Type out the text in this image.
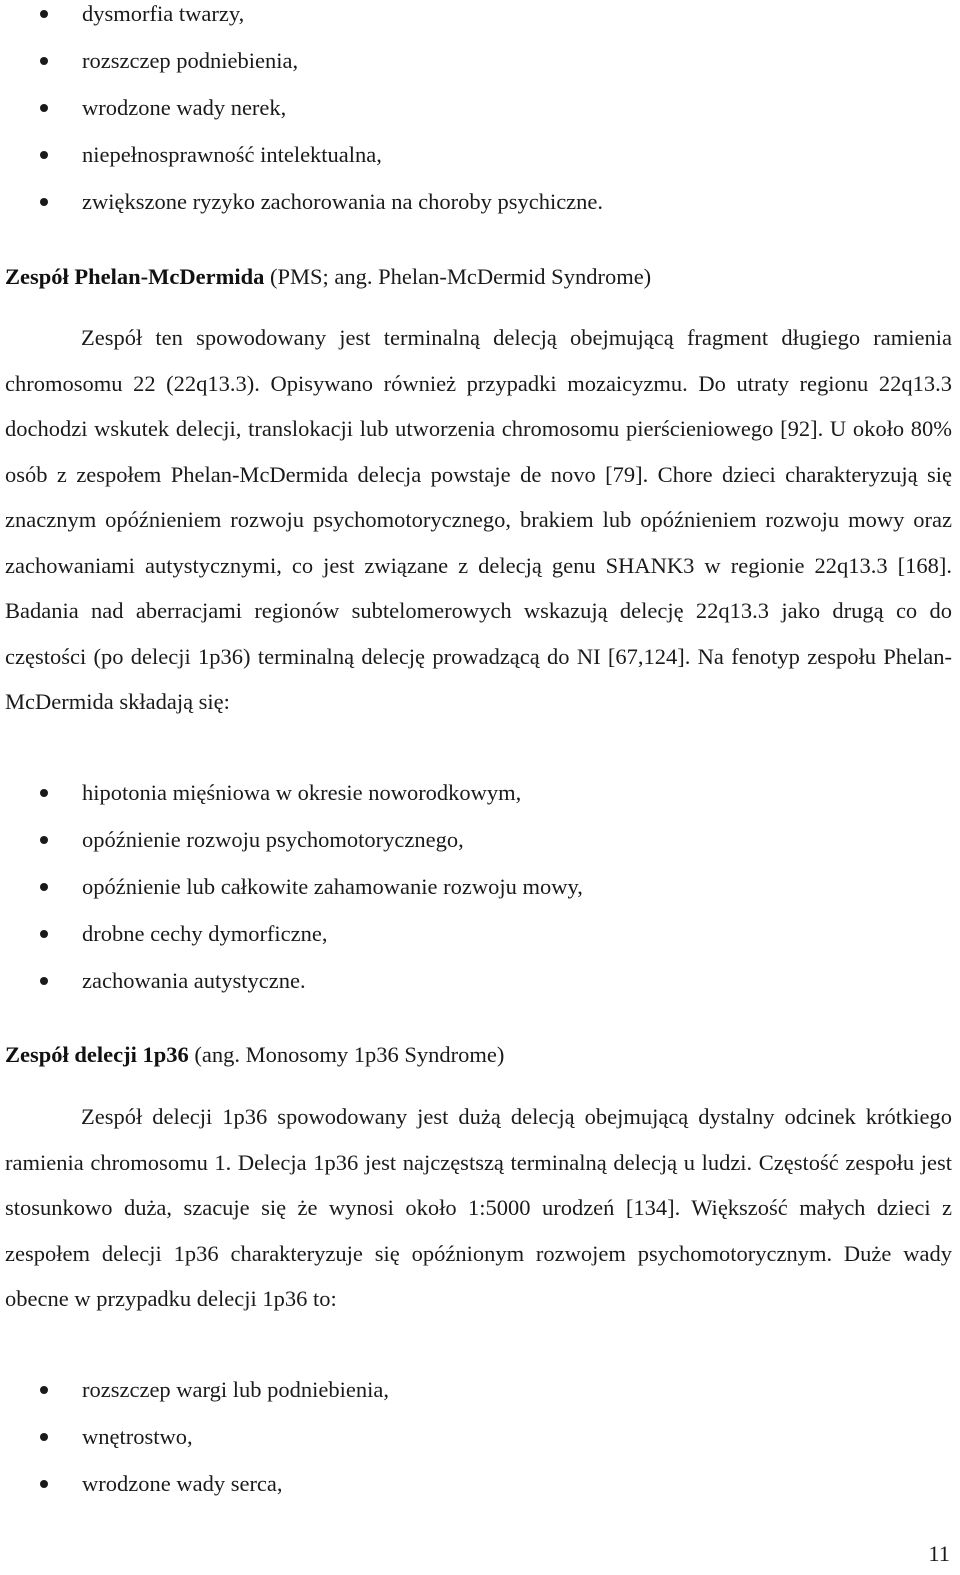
dysmorfia twarzy,
rozszczep podniebienia,
wrodzone wady nerek,
niepełnosprawność intelektualna,
zwiększone ryzyko zachorowania na choroby psychiczne.
Zespół Phelan-McDermida (PMS; ang. Phelan-McDermid Syndrome)

Zespół ten spowodowany jest terminalną delecją obejmującą fragment długiego ramienia chromosomu 22 (22q13.3). Opisywano również przypadki mozaicyzmu. Do utraty regionu 22q13.3 dochodzi wskutek delecji, translokacji lub utworzenia chromosomu pierścieniowego [92]. U około 80% osób z zespołem Phelan-McDermida delecja powstaje de novo [79]. Chore dzieci charakteryzują się znacznym opóźnieniem rozwoju psychomotorycznego, brakiem lub opóźnieniem rozwoju mowy oraz zachowaniami autystycznymi, co jest związane z delecją genu SHANK3 w regionie 22q13.3 [168]. Badania nad aberracjami regionów subtelomerowych wskazują delecję 22q13.3 jako drugą co do częstości (po delecji 1p36) terminalną delecję prowadzącą do NI [67,124]. Na fenotyp zespołu Phelan-McDermida składają się:

hipotonia mięśniowa w okresie noworodkowym,
opóźnienie rozwoju psychomotorycznego,
opóźnienie lub całkowite zahamowanie rozwoju mowy,
drobne cechy dymorficzne,
zachowania autystyczne.
Zespół delecji 1p36 (ang. Monosomy 1p36 Syndrome)

Zespół delecji 1p36 spowodowany jest dużą delecją obejmującą dystalny odcinek krótkiego ramienia chromosomu 1. Delecja 1p36 jest najczęstszą terminalną delecją u ludzi. Częstość zespołu jest stosunkowo duża, szacuje się że wynosi około 1:5000 urodzeń [134]. Większość małych dzieci z zespołem delecji 1p36 charakteryzuje się opóźnionym rozwojem psychomotorycznym. Duże wady obecne w przypadku delecji 1p36 to:

rozszczep wargi lub podniebienia,
wnętrostwo,
wrodzone wady serca,
11
